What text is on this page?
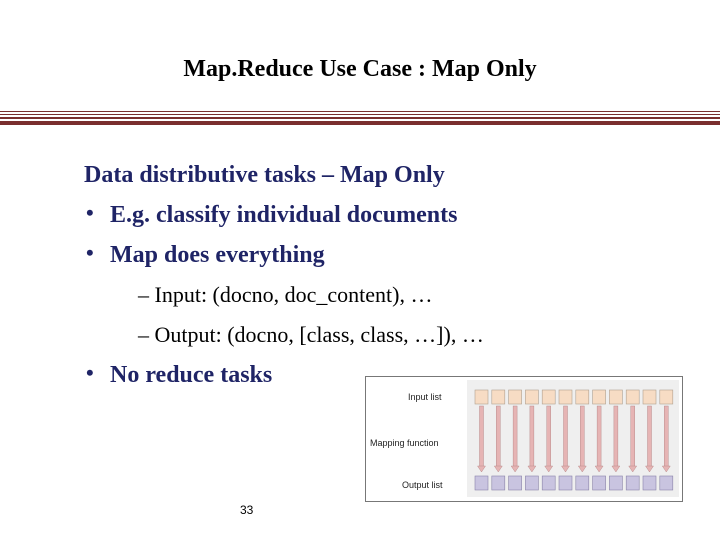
Map.Reduce Use Case : Map Only
Data distributive tasks – Map Only
• E.g. classify individual documents
• Map does everything
– Input: (docno, doc_content), …
– Output: (docno, [class, class, …]), …
• No reduce tasks
Input list
Mapping function
Output list
33
